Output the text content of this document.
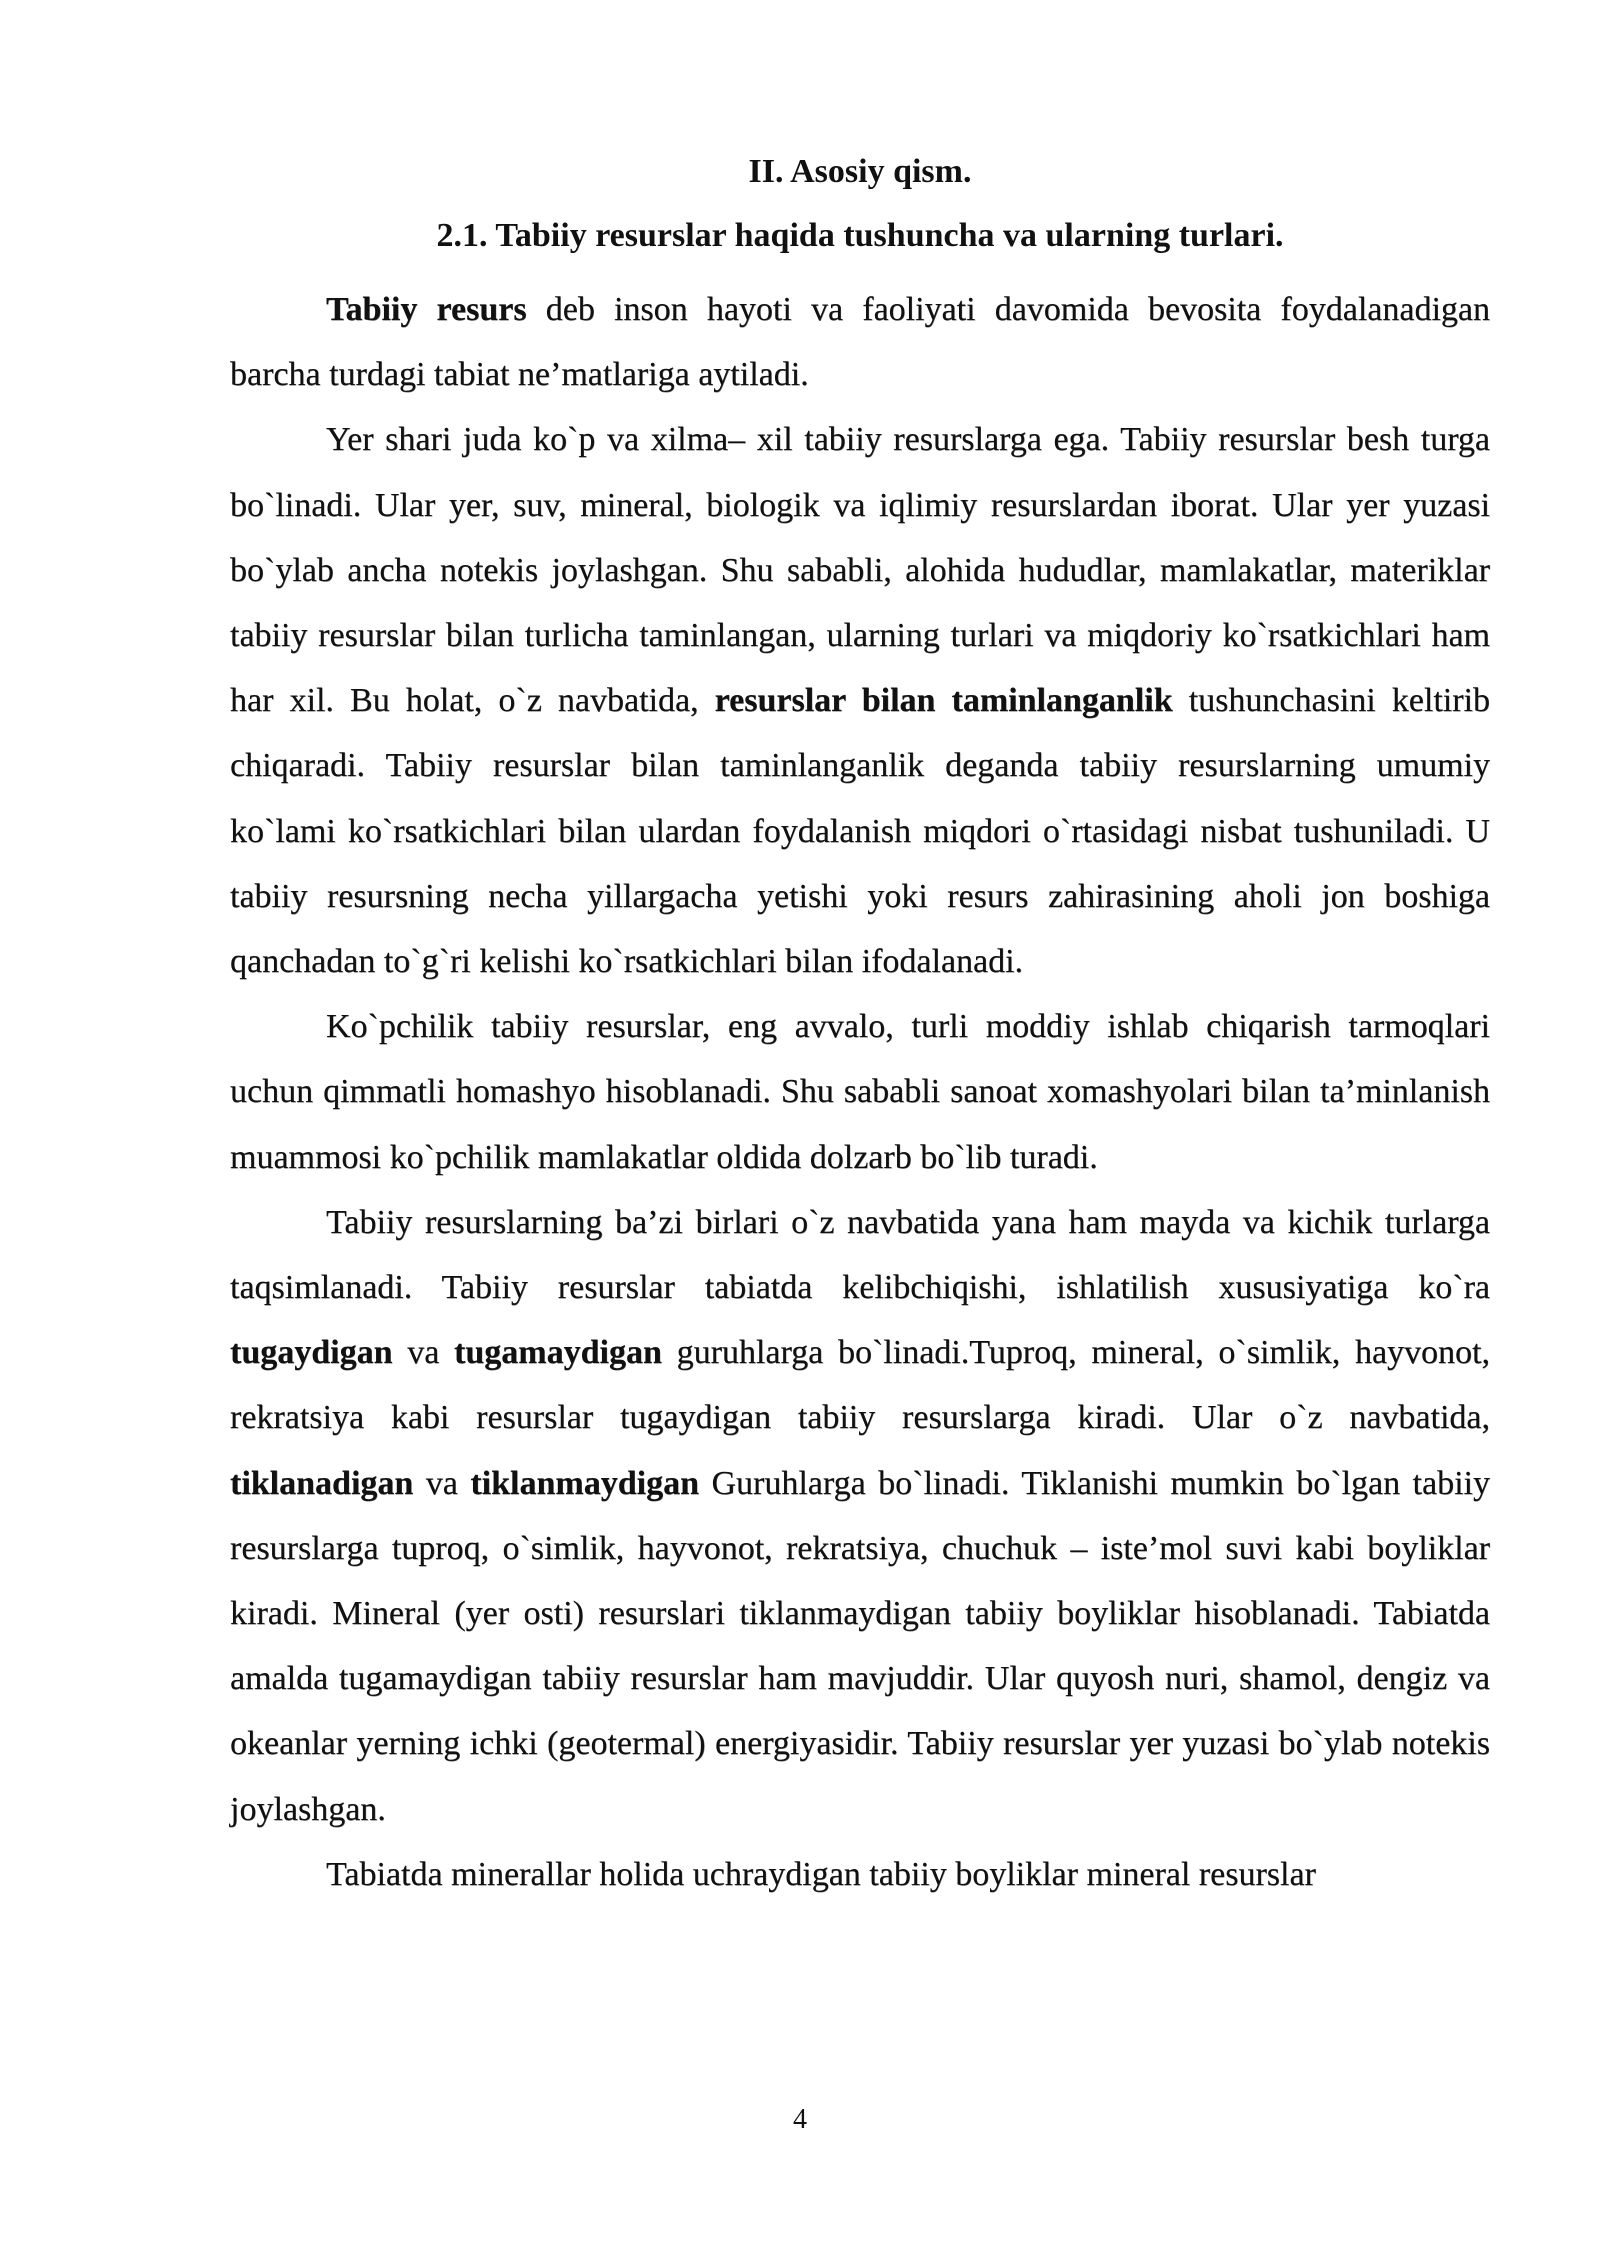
II. Asosiy qism.
2.1. Tabiiy resurslar haqida tushuncha va ularning turlari.

Tabiiy resurs deb inson hayoti va faoliyati davomida bevosita foydalanadigan barcha turdagi tabiat ne’matlariga aytiladi.

Yer shari juda ko`p va xilma– xil tabiiy resurslarga ega. Tabiiy resurslar besh turga bo`linadi. Ular yer, suv, mineral, biologik va iqlimiy resurslardan iborat. Ular yer yuzasi bo`ylab ancha notekis joylashgan. Shu sababli, alohida hududlar, mamlakatlar, materiklar tabiiy resurslar bilan turlicha taminlangan, ularning turlari va miqdoriy ko`rsatkichlari ham har xil. Bu holat, o`z navbatida, resurslar bilan taminlanganlik tushunchasini keltirib chiqaradi. Tabiiy resurslar bilan taminlanganlik deganda tabiiy resurslarning umumiy ko`lami ko`rsatkichlari bilan ulardan foydalanish miqdori o`rtasidagi nisbat tushuniladi. U tabiiy resursning necha yillargacha yetishi yoki resurs zahirasining aholi jon boshiga qanchadan to`g`ri kelishi ko`rsatkichlari bilan ifodalanadi.

Ko`pchilik tabiiy resurslar, eng avvalo, turli moddiy ishlab chiqarish tarmoqlari uchun qimmatli homashyo hisoblanadi. Shu sababli sanoat xomashyolari bilan ta’minlanish muammosi ko`pchilik mamlakatlar oldida dolzarb bo`lib turadi.

Tabiiy resurslarning ba’zi birlari o`z navbatida yana ham mayda va kichik turlarga taqsimlanadi. Tabiiy resurslar tabiatda kelibchiqishi, ishlatilish xususiyatiga ko`ra tugaydigan va tugamaydigan guruhlarga bo`linadi.Tuproq, mineral, o`simlik, hayvonot, rekratsiya kabi resurslar tugaydigan tabiiy resurslarga kiradi. Ular o`z navbatida, tiklanadigan va tiklanmaydigan Guruhlarga bo`linadi. Tiklanishi mumkin bo`lgan tabiiy resurslarga tuproq, o`simlik, hayvonot, rekratsiya, chuchuk – iste’mol suvi kabi boyliklar kiradi. Mineral (yer osti) resurslari tiklanmaydigan tabiiy boyliklar hisoblanadi. Tabiatda amalda tugamaydigan tabiiy resurslar ham mavjuddir. Ular quyosh nuri, shamol, dengiz va okeanlar yerning ichki (geotermal) energiyasidir. Tabiiy resurslar yer yuzasi bo`ylab notekis joylashgan.

Tabiatda minerallar holida uchraydigan tabiiy boyliklar mineral resurslar

4
